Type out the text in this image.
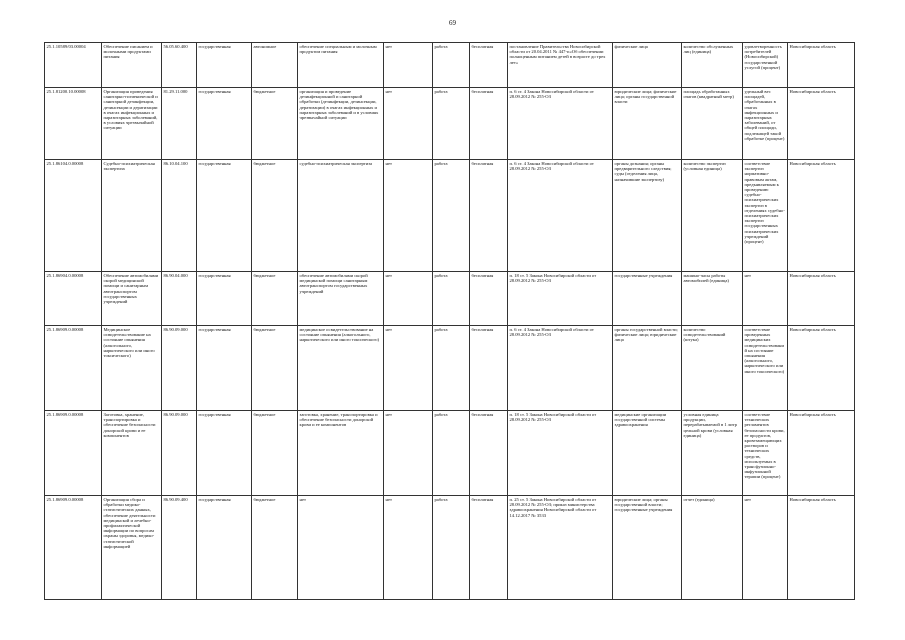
69
25.1.10589/03.00004	Обеспечение писанием и молочными продуктами питания	56.05.60.400	государственная	автономное	обеспечение специальным и молочным продуктом питания	нет	работа	бесплатная	постановление Правительства Новосибирской области от 20.04.2011 № 447-п«Об обеспечении полноценным питанием детей в возрасте до трех лет»	физические лица	количество обслуженных лиц (единица)	удовлетворенность потребителей (Новосибирской) государственной услугой (процент)	Новосибирская область
25.1.81200.10.00008	Организация проведения санитарно-гигиенической и санитарной дезинфекции, дезинсекции и дератизации в очагах инфекционных и паразитарных заболеваний, в условиях чрезвычайной ситуации	81.29.11.000	государственная	бюджетное	организация и проведение дезинфекционной и санитарной обработки (дезинфекции, дезинсекции, дератизации) в очагах инфекционных и паразитарных заболеваний и в условиях чрезвычайной ситуации	нет	работа	бесплатная	п. 6 ст. 4 Закона Новосибирской области от 28.09.2012 № 255-ОЗ	юридические лица; физические лица; органы государственной власти	площадь обработанных очагов (квадратный метр)	удельный вес площадей, обработанных в очагах инфекционных и паразитарных заболеваний, от общей площади, подлежащей такой обработке (процент)	Новосибирская область
25.1.86104.0.00008	Судебно-психиатрическая экспертиза	86.10.04.100	государственная	бюджетное	судебно-психиатрическая экспертиза	нет	работа	бесплатная	п. 6 ст. 4 Закона Новосибирской области от 28.09.2012 № 255-ОЗ	органы дознания; органы предварительного следствия; суды (отделения лица, назначившие экспертизу)	количество экспертиз (условная единица)	соответствие экспертиз нормативно-правовым актам, предъявляемым к проведению судебно-психиатрических экспертиз в отделениях судебно-психиатрических экспертиз государственных психиатрических учреждений (процент)	Новосибирская область
25.1.86904.0.00008	Обеспечение автомобилями скорой медицинской помощи и санитарным автотранспортом государственных учреждений	86.90.04.000	государственная	бюджетное	обеспечение автомобилями скорой медицинской помощи санитарным автотранспортом государственных учреждений	нет	работа	бесплатная	п. 18 ст. 5 Закона Новосибирской области от 28.09.2012 № 255-ОЗ	государственные учреждения	машино-часы работы автомобилей (единица)	нет	Новосибирская область
25.1.86909.0.00008	Медицинское освидетельствование на состояние опьянения (алкогольного, наркотического или иного токсического)	86.90.09.000	государственная	бюджетное	медицинское освидетельствование на состояние опьянения (алкогольного, наркотического или иного токсического)	нет	работа	бесплатная	п. 6 ст. 4 Закона Новосибирской области от 28.09.2012 № 255-ОЗ	органы государственной власти; физические лица; юридические лица	количество освидетельствований (штука)	соответствие проведенных медицинских освидетельствований на состояние опьянения (алкогольного, наркотического или иного токсического)	Новосибирская область
25.1.86909.0.00008	Заготовка, хранение, транспортировка и обеспечение безопасности донорской крови и ее компонентов	86.90.09.000	государственная	бюджетное	заготовка, хранение, транспортировка и обеспечение безопасности донорской крови и ее компонентов	нет	работа	бесплатная	п. 18 ст. 5 Закона Новосибирской области от 28.09.2012 № 255-ОЗ	медицинские организации государственной системы здравоохранения	условная единица продукции, перерабатываемой в 1 литр цельной крови (условная единица)	соответствие технических регламентов безопасности крови, ее продуктов, кровезамещающих растворов и технических средств, используемых в трансфузионно-инфузионной терапии (процент)	Новосибирская область
25.1.86909.0.00008	Организация сбора и обработки медико-статистических данных, обеспечение деятельности медицинской и лечебно-профилактической информации по вопросам охраны здоровья, медико-статистической информацией	86.90.09.400	государственная	бюджетное	нет	нет	работа	бесплатная	п. 25 ст. 5 Закона Новосибирской области от 28.09.2012 № 255-ОЗ; приказ министерства здравоохранения Новосибирской области от 14.12.2017 № 3533	юридические лица; органы государственной власти; государственные учреждения	отчет (единица)	нет	Новосибирская область
